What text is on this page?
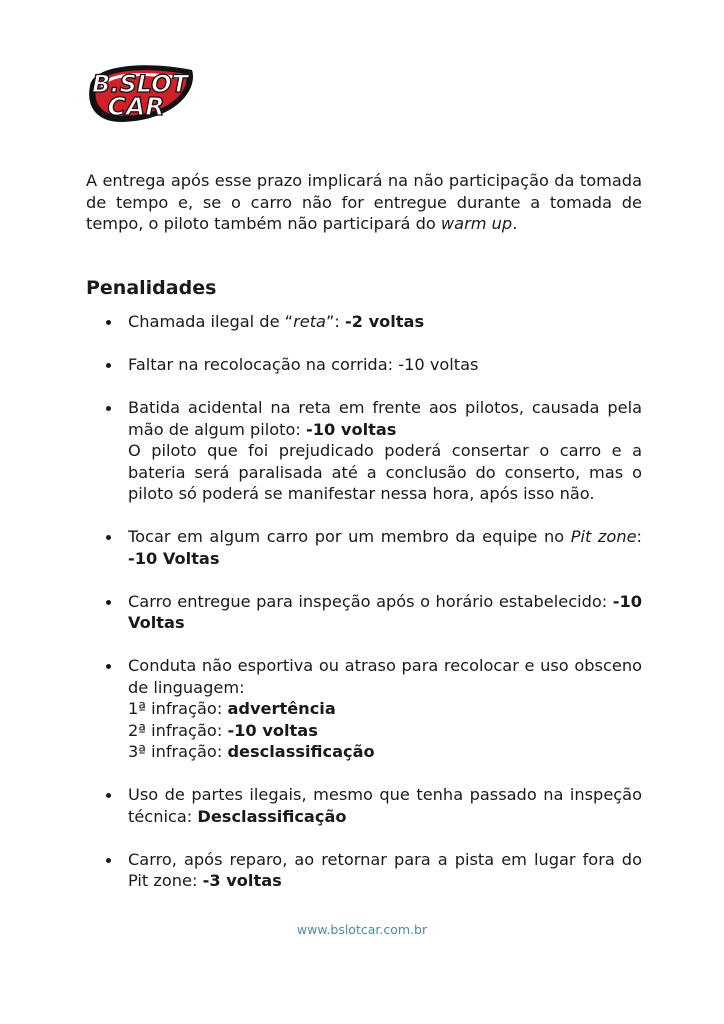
B.SLOT
CAR

A entrega após esse prazo implicará na não participação da tomada de tempo e, se o carro não for entregue durante a tomada de tempo, o piloto também não participará do warm up.

Penalidades
Chamada ilegal de “reta”: -2 voltas
Faltar na recolocação na corrida: -10 voltas
Batida acidental na reta em frente aos pilotos, causada pela mão de algum piloto: -10 voltas
O piloto que foi prejudicado poderá consertar o carro e a bateria será paralisada até a conclusão do conserto, mas o piloto só poderá se manifestar nessa hora, após isso não.
Tocar em algum carro por um membro da equipe no Pit zone: -10 Voltas
Carro entregue para inspeção após o horário estabelecido: -10 Voltas
Conduta não esportiva ou atraso para recolocar e uso obsceno de linguagem:
1ª infração: advertência
2ª infração: -10 voltas
3ª infração: desclassificação
Uso de partes ilegais, mesmo que tenha passado na inspeção técnica: Desclassificação
Carro, após reparo, ao retornar para a pista em lugar fora do Pit zone: -3 voltas
www.bslotcar.com.br
